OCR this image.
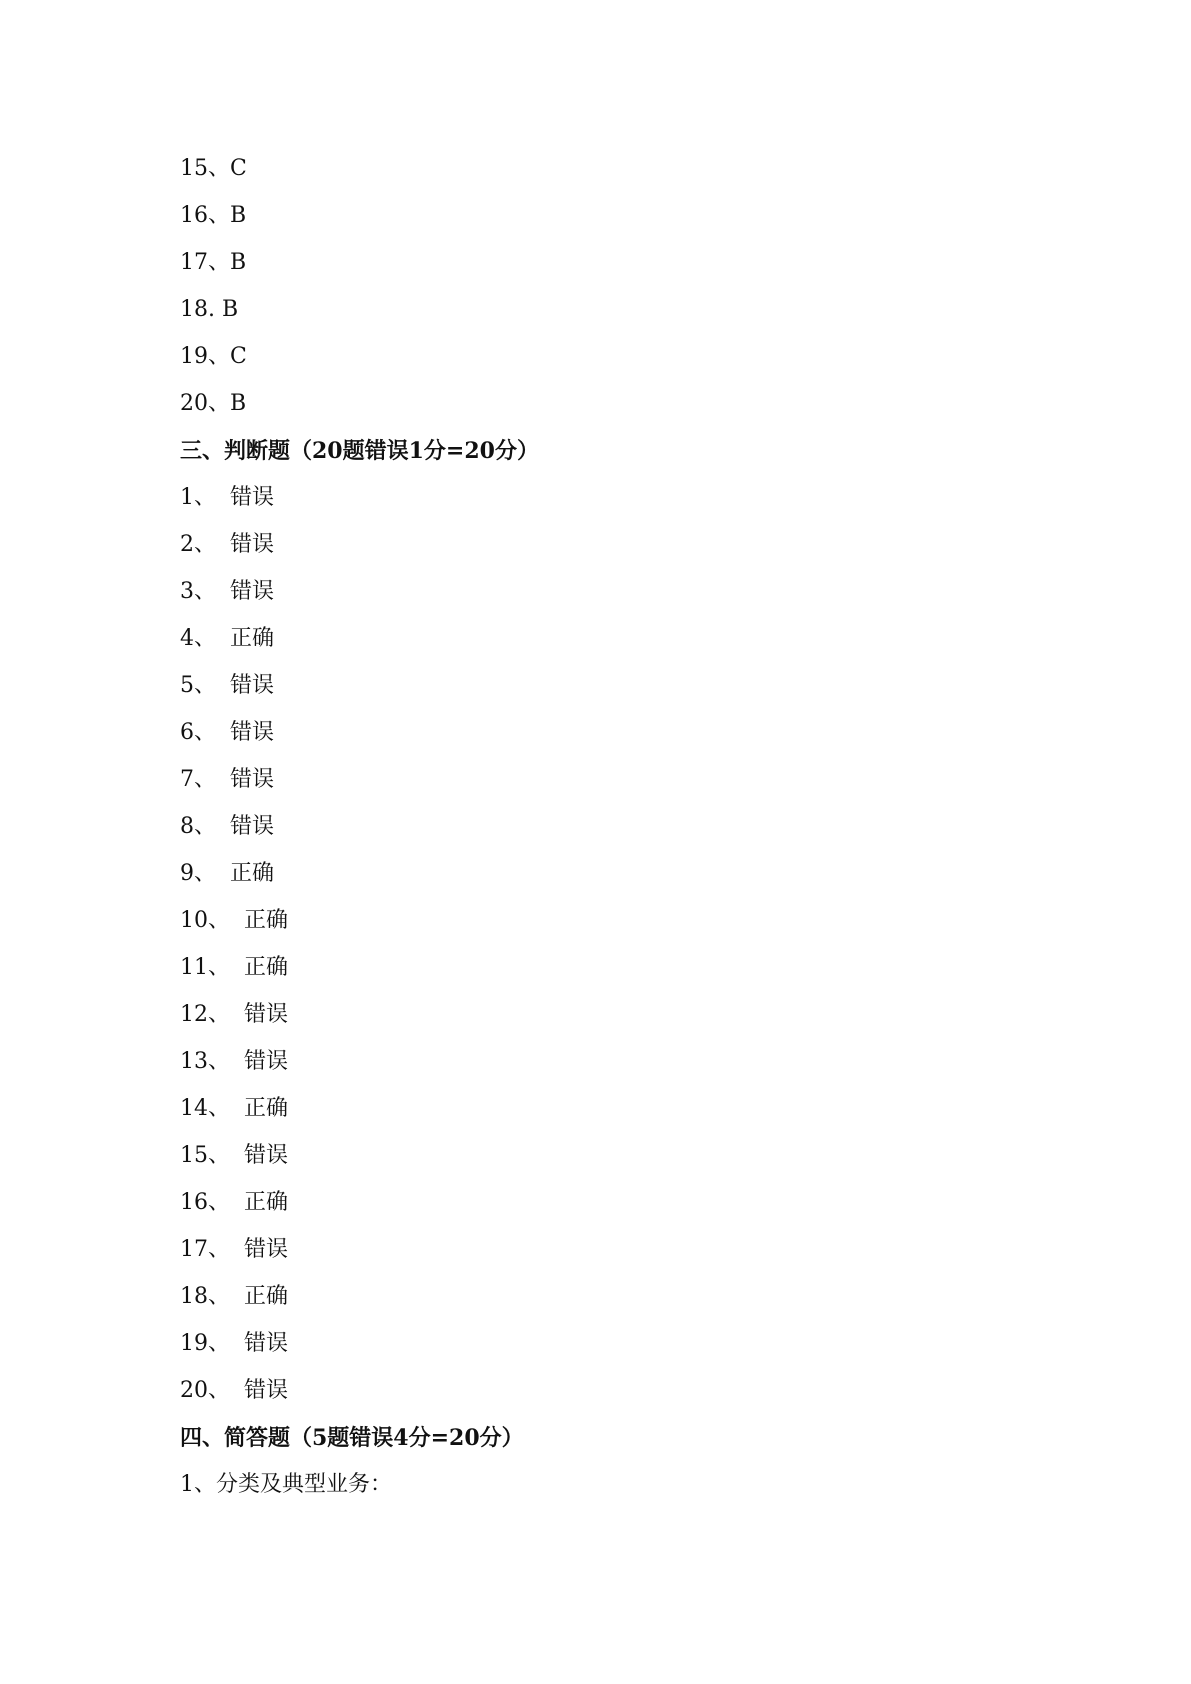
15、C
16、B
17、B
18. B
19、C
20、B
三、判断题（20题错误1分=20分）
1、  错误
2、  错误
3、  错误
4、  正确
5、  错误
6、  错误
7、  错误
8、  错误
9、  正确
10、  正确
11、  正确
12、  错误
13、  错误
14、  正确
15、  错误
16、  正确
17、  错误
18、  正确
19、  错误
20、  错误
四、简答题（5题错误4分=20分）
1、分类及典型业务：
